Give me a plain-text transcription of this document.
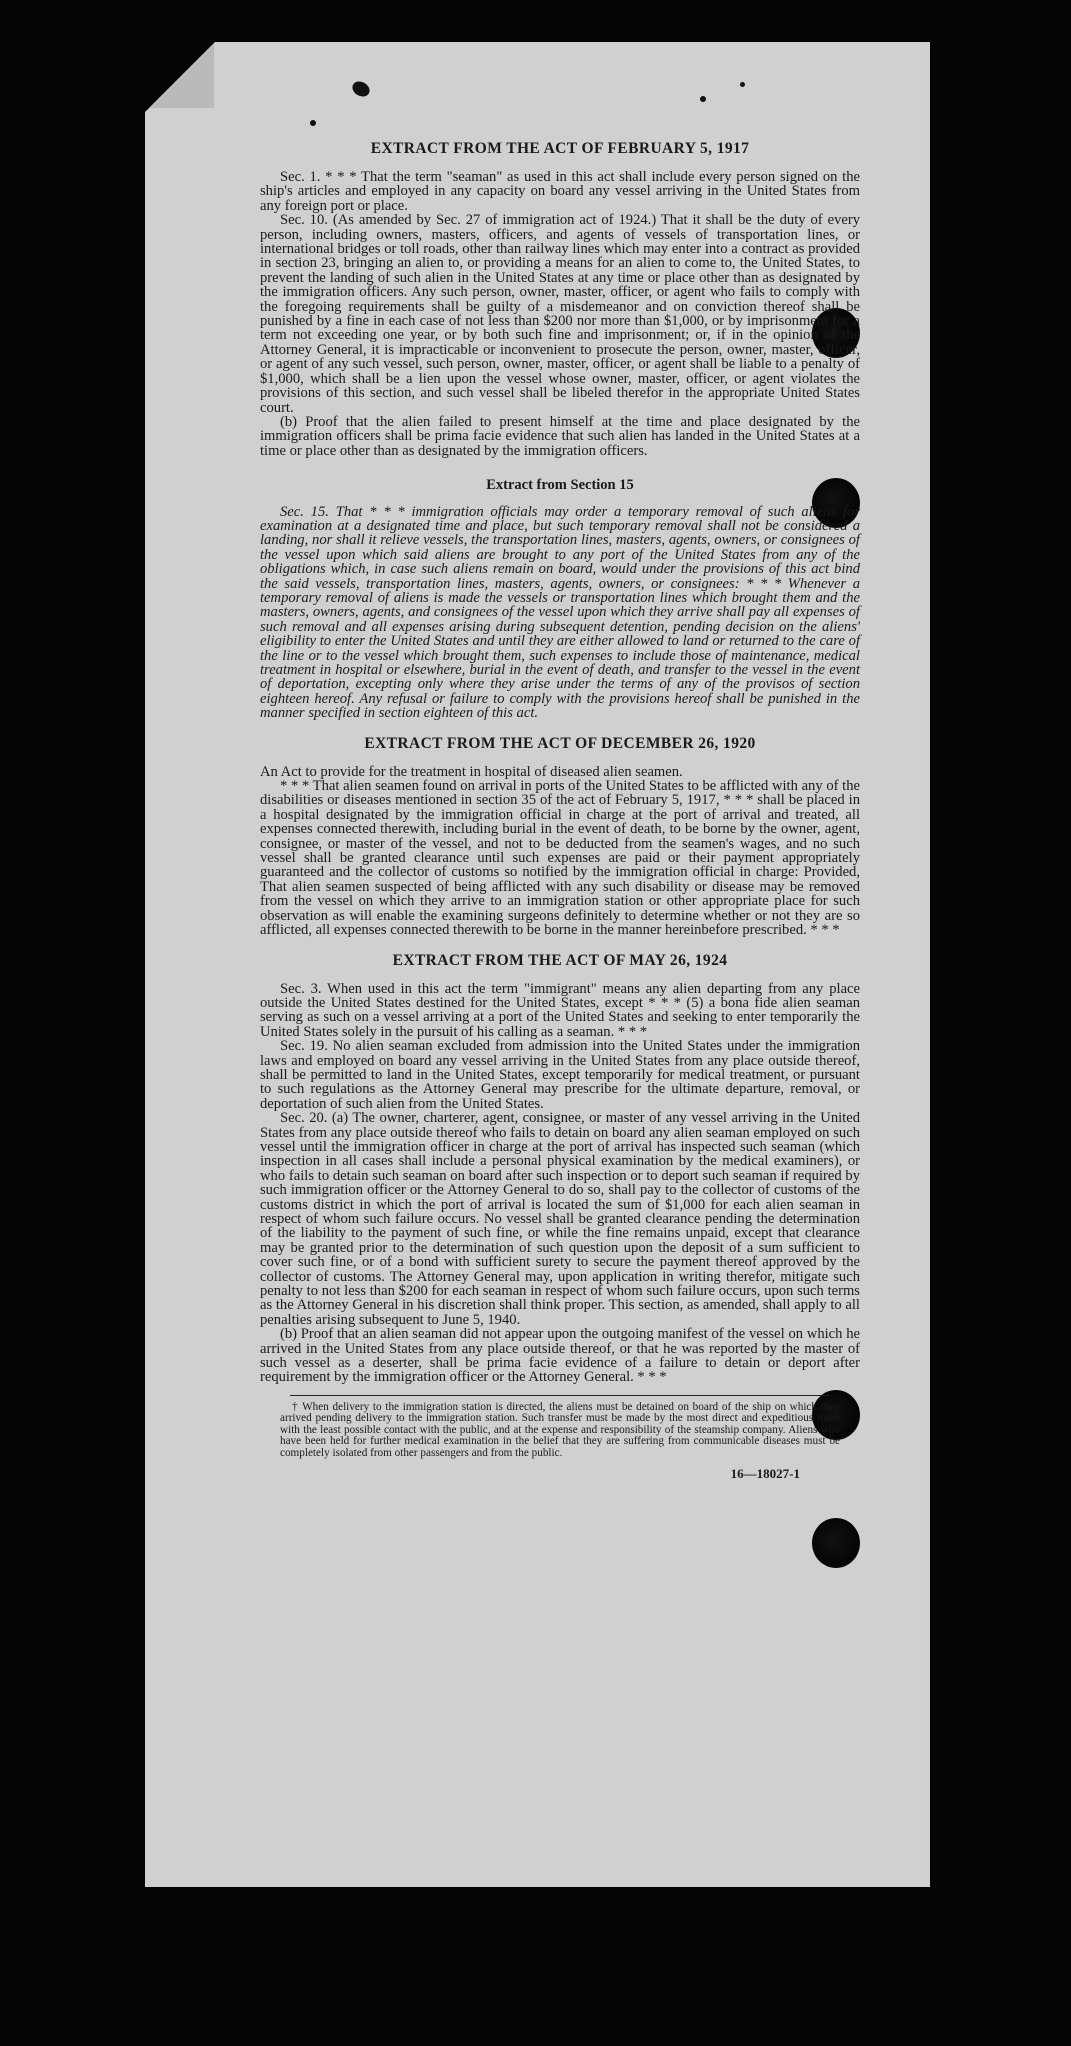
EXTRACT FROM THE ACT OF FEBRUARY 5, 1917

Sec. 1. * * * That the term "seaman" as used in this act shall include every person signed on the ship's articles and employed in any capacity on board any vessel arriving in the United States from any foreign port or place.

Sec. 10. (As amended by Sec. 27 of immigration act of 1924.) That it shall be the duty of every person, including owners, masters, officers, and agents of vessels of transportation lines, or international bridges or toll roads, other than railway lines which may enter into a contract as provided in section 23, bringing an alien to, or providing a means for an alien to come to, the United States, to prevent the landing of such alien in the United States at any time or place other than as designated by the immigration officers. Any such person, owner, master, officer, or agent who fails to comply with the foregoing requirements shall be guilty of a misdemeanor and on conviction thereof shall be punished by a fine in each case of not less than $200 nor more than $1,000, or by imprisonment for a term not exceeding one year, or by both such fine and imprisonment; or, if in the opinion of the Attorney General, it is impracticable or inconvenient to prosecute the person, owner, master, officer, or agent of any such vessel, such person, owner, master, officer, or agent shall be liable to a penalty of $1,000, which shall be a lien upon the vessel whose owner, master, officer, or agent violates the provisions of this section, and such vessel shall be libeled therefor in the appropriate United States court.

(b) Proof that the alien failed to present himself at the time and place designated by the immigration officers shall be prima facie evidence that such alien has landed in the United States at a time or place other than as designated by the immigration officers.

Extract from Section 15

Sec. 15. That * * * immigration officials may order a temporary removal of such aliens for examination at a designated time and place, but such temporary removal shall not be considered a landing, nor shall it relieve vessels, the transportation lines, masters, agents, owners, or consignees of the vessel upon which said aliens are brought to any port of the United States from any of the obligations which, in case such aliens remain on board, would under the provisions of this act bind the said vessels, transportation lines, masters, agents, owners, or consignees: * * * Whenever a temporary removal of aliens is made the vessels or transportation lines which brought them and the masters, owners, agents, and consignees of the vessel upon which they arrive shall pay all expenses of such removal and all expenses arising during subsequent detention, pending decision on the aliens' eligibility to enter the United States and until they are either allowed to land or returned to the care of the line or to the vessel which brought them, such expenses to include those of maintenance, medical treatment in hospital or elsewhere, burial in the event of death, and transfer to the vessel in the event of deportation, excepting only where they arise under the terms of any of the provisos of section eighteen hereof. Any refusal or failure to comply with the provisions hereof shall be punished in the manner specified in section eighteen of this act.

EXTRACT FROM THE ACT OF DECEMBER 26, 1920

An Act to provide for the treatment in hospital of diseased alien seamen.

* * * That alien seamen found on arrival in ports of the United States to be afflicted with any of the disabilities or diseases mentioned in section 35 of the act of February 5, 1917, * * * shall be placed in a hospital designated by the immigration official in charge at the port of arrival and treated, all expenses connected therewith, including burial in the event of death, to be borne by the owner, agent, consignee, or master of the vessel, and not to be deducted from the seamen's wages, and no such vessel shall be granted clearance until such expenses are paid or their payment appropriately guaranteed and the collector of customs so notified by the immigration official in charge: Provided, That alien seamen suspected of being afflicted with any such disability or disease may be removed from the vessel on which they arrive to an immigration station or other appropriate place for such observation as will enable the examining surgeons definitely to determine whether or not they are so afflicted, all expenses connected therewith to be borne in the manner hereinbefore prescribed. * * *

EXTRACT FROM THE ACT OF MAY 26, 1924

Sec. 3. When used in this act the term "immigrant" means any alien departing from any place outside the United States destined for the United States, except * * * (5) a bona fide alien seaman serving as such on a vessel arriving at a port of the United States and seeking to enter temporarily the United States solely in the pursuit of his calling as a seaman. * * *

Sec. 19. No alien seaman excluded from admission into the United States under the immigration laws and employed on board any vessel arriving in the United States from any place outside thereof, shall be permitted to land in the United States, except temporarily for medical treatment, or pursuant to such regulations as the Attorney General may prescribe for the ultimate departure, removal, or deportation of such alien from the United States.

Sec. 20. (a) The owner, charterer, agent, consignee, or master of any vessel arriving in the United States from any place outside thereof who fails to detain on board any alien seaman employed on such vessel until the immigration officer in charge at the port of arrival has inspected such seaman (which inspection in all cases shall include a personal physical examination by the medical examiners), or who fails to detain such seaman on board after such inspection or to deport such seaman if required by such immigration officer or the Attorney General to do so, shall pay to the collector of customs of the customs district in which the port of arrival is located the sum of $1,000 for each alien seaman in respect of whom such failure occurs. No vessel shall be granted clearance pending the determination of the liability to the payment of such fine, or while the fine remains unpaid, except that clearance may be granted prior to the determination of such question upon the deposit of a sum sufficient to cover such fine, or of a bond with sufficient surety to secure the payment thereof approved by the collector of customs. The Attorney General may, upon application in writing therefor, mitigate such penalty to not less than $200 for each seaman in respect of whom such failure occurs, upon such terms as the Attorney General in his discretion shall think proper. This section, as amended, shall apply to all penalties arising subsequent to June 5, 1940.

(b) Proof that an alien seaman did not appear upon the outgoing manifest of the vessel on which he arrived in the United States from any place outside thereof, or that he was reported by the master of such vessel as a deserter, shall be prima facie evidence of a failure to detain or deport after requirement by the immigration officer or the Attorney General. * * *

† When delivery to the immigration station is directed, the aliens must be detained on board of the ship on which they arrived pending delivery to the immigration station. Such transfer must be made by the most direct and expeditious route with the least possible contact with the public, and at the expense and responsibility of the steamship company. Aliens who have been held for further medical examination in the belief that they are suffering from communicable diseases must be completely isolated from other passengers and from the public.

16—18027-1
